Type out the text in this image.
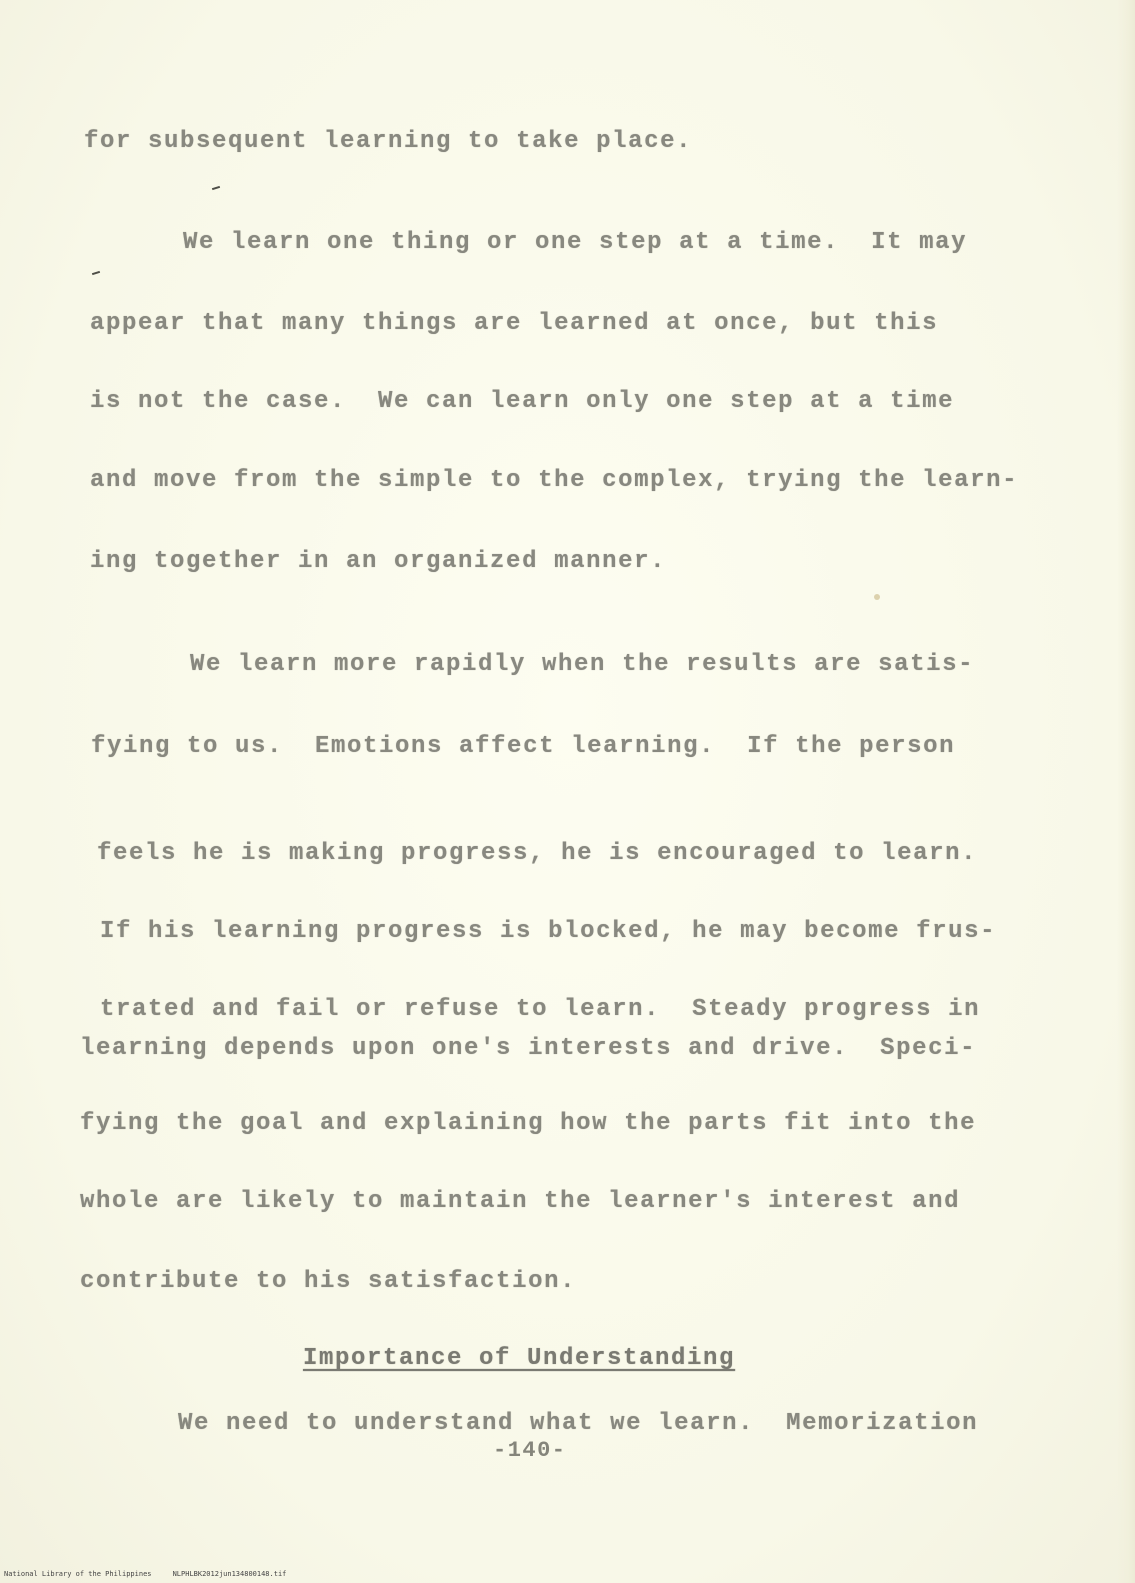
for subsequent learning to take place.
We learn one thing or one step at a time.  It may
appear that many things are learned at once, but this
is not the case.  We can learn only one step at a time
and move from the simple to the complex, trying the learn-
ing together in an organized manner.
We learn more rapidly when the results are satis-
fying to us.  Emotions affect learning.  If the person
feels he is making progress, he is encouraged to learn.
If his learning progress is blocked, he may become frus-
trated and fail or refuse to learn.  Steady progress in
learning depends upon one's interests and drive.  Speci-
fying the goal and explaining how the parts fit into the
whole are likely to maintain the learner's interest and
contribute to his satisfaction.
Importance of Understanding
We need to understand what we learn.  Memorization
-140-
National Library of the Philippines	NLPHLBK2012jun134800148.tif
